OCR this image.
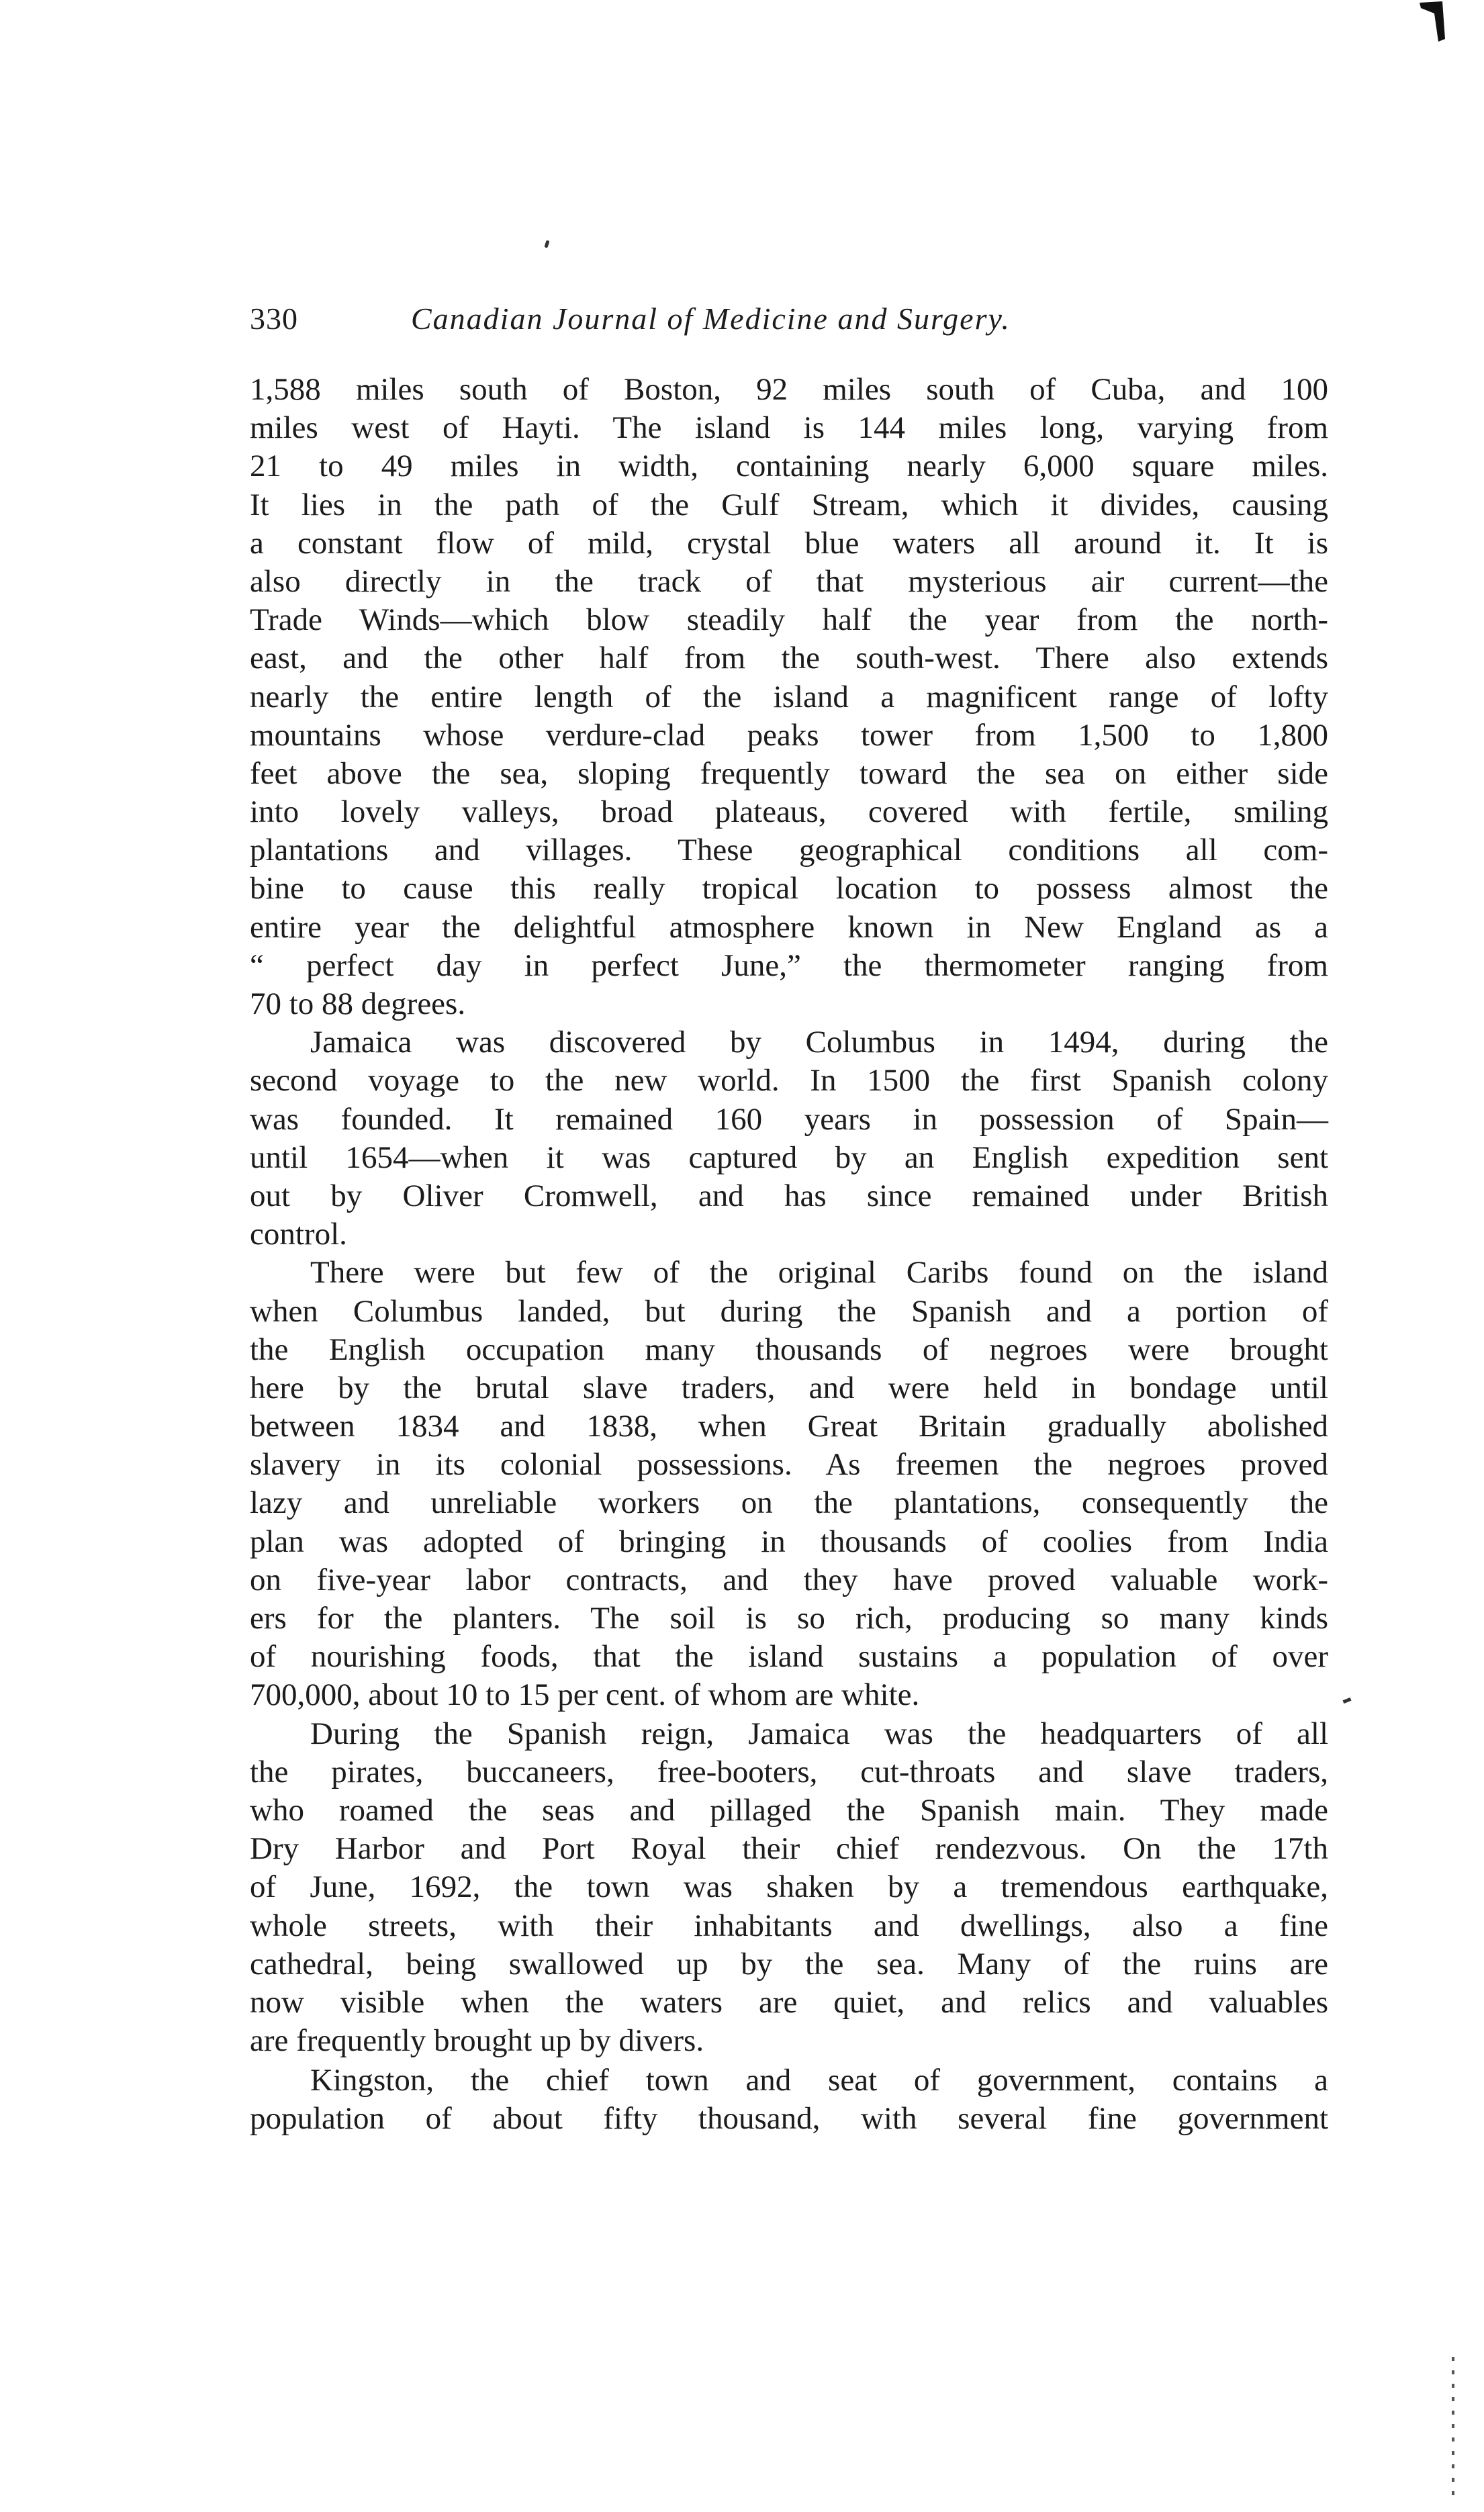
330	Canadian Journal of Medicine and Surgery.
1,588 miles south of Boston, 92 miles south of Cuba, and 100
miles west of Hayti. The island is 144 miles long, varying from
21 to 49 miles in width, containing nearly 6,000 square miles.
It lies in the path of the Gulf Stream, which it divides, causing
a constant flow of mild, crystal blue waters all around it. It is
also directly in the track of that mysterious air current—the
Trade Winds—which blow steadily half the year from the north-
east, and the other half from the south-west. There also extends
nearly the entire length of the island a magnificent range of lofty
mountains whose verdure-clad peaks tower from 1,500 to 1,800
feet above the sea, sloping frequently toward the sea on either side
into lovely valleys, broad plateaus, covered with fertile, smiling
plantations and villages. These geographical conditions all com-
bine to cause this really tropical location to possess almost the
entire year the delightful atmosphere known in New England as a
“ perfect day in perfect June,” the thermometer ranging from
70 to 88 degrees.
Jamaica was discovered by Columbus in 1494, during the
second voyage to the new world. In 1500 the first Spanish colony
was founded. It remained 160 years in possession of Spain—
until 1654—when it was captured by an English expedition sent
out by Oliver Cromwell, and has since remained under British
control.
There were but few of the original Caribs found on the island
when Columbus landed, but during the Spanish and a portion of
the English occupation many thousands of negroes were brought
here by the brutal slave traders, and were held in bondage until
between 1834 and 1838, when Great Britain gradually abolished
slavery in its colonial possessions. As freemen the negroes proved
lazy and unreliable workers on the plantations, consequently the
plan was adopted of bringing in thousands of coolies from India
on five-year labor contracts, and they have proved valuable work-
ers for the planters. The soil is so rich, producing so many kinds
of nourishing foods, that the island sustains a population of over
700,000, about 10 to 15 per cent. of whom are white.
During the Spanish reign, Jamaica was the headquarters of all
the pirates, buccaneers, free-booters, cut-throats and slave traders,
who roamed the seas and pillaged the Spanish main. They made
Dry Harbor and Port Royal their chief rendezvous. On the 17th
of June, 1692, the town was shaken by a tremendous earthquake,
whole streets, with their inhabitants and dwellings, also a fine
cathedral, being swallowed up by the sea. Many of the ruins are
now visible when the waters are quiet, and relics and valuables
are frequently brought up by divers.
Kingston, the chief town and seat of government, contains a
population of about fifty thousand, with several fine government
